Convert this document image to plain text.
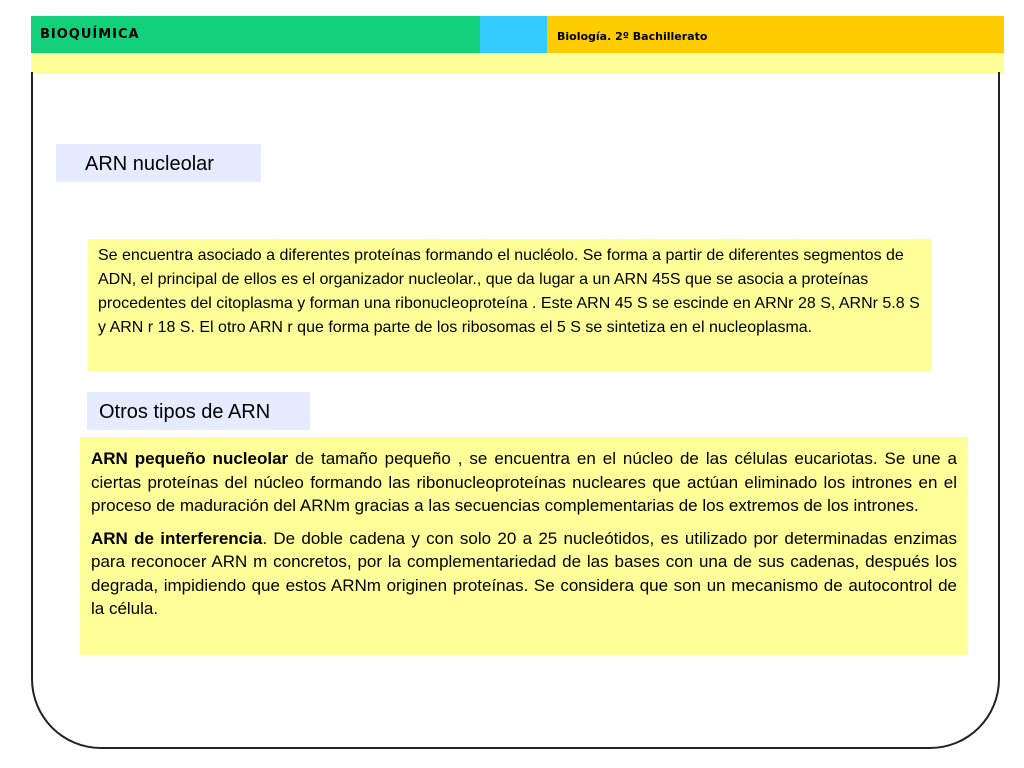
BIOQUÍMICA	Biología. 2º Bachillerato
ARN nucleolar
Se encuentra asociado a diferentes proteínas formando el nucléolo. Se forma a partir de diferentes segmentos de ADN, el principal de ellos es el organizador nucleolar., que da lugar a un ARN 45S que se asocia a proteínas procedentes del citoplasma y forman una ribonucleoproteína . Este ARN 45 S se escinde en ARNr 28 S, ARNr 5.8 S y ARN r 18 S. El otro ARN r que forma parte de los ribosomas el 5 S se sintetiza en el nucleoplasma.
Otros tipos de ARN

ARN pequeño nucleolar de tamaño pequeño , se encuentra en el núcleo de las células eucariotas. Se une a ciertas proteínas del núcleo formando las ribonucleoproteínas nucleares que actúan eliminado los intrones en el proceso de maduración del ARNm gracias a las secuencias complementarias de los extremos de los intrones.

ARN de interferencia. De doble cadena y con solo 20 a 25 nucleótidos, es utilizado por determinadas enzimas para reconocer ARN m concretos, por la complementariedad de las bases con una de sus cadenas, después los degrada, impidiendo que estos ARNm originen proteínas. Se considera que son un mecanismo de autocontrol de la célula.
